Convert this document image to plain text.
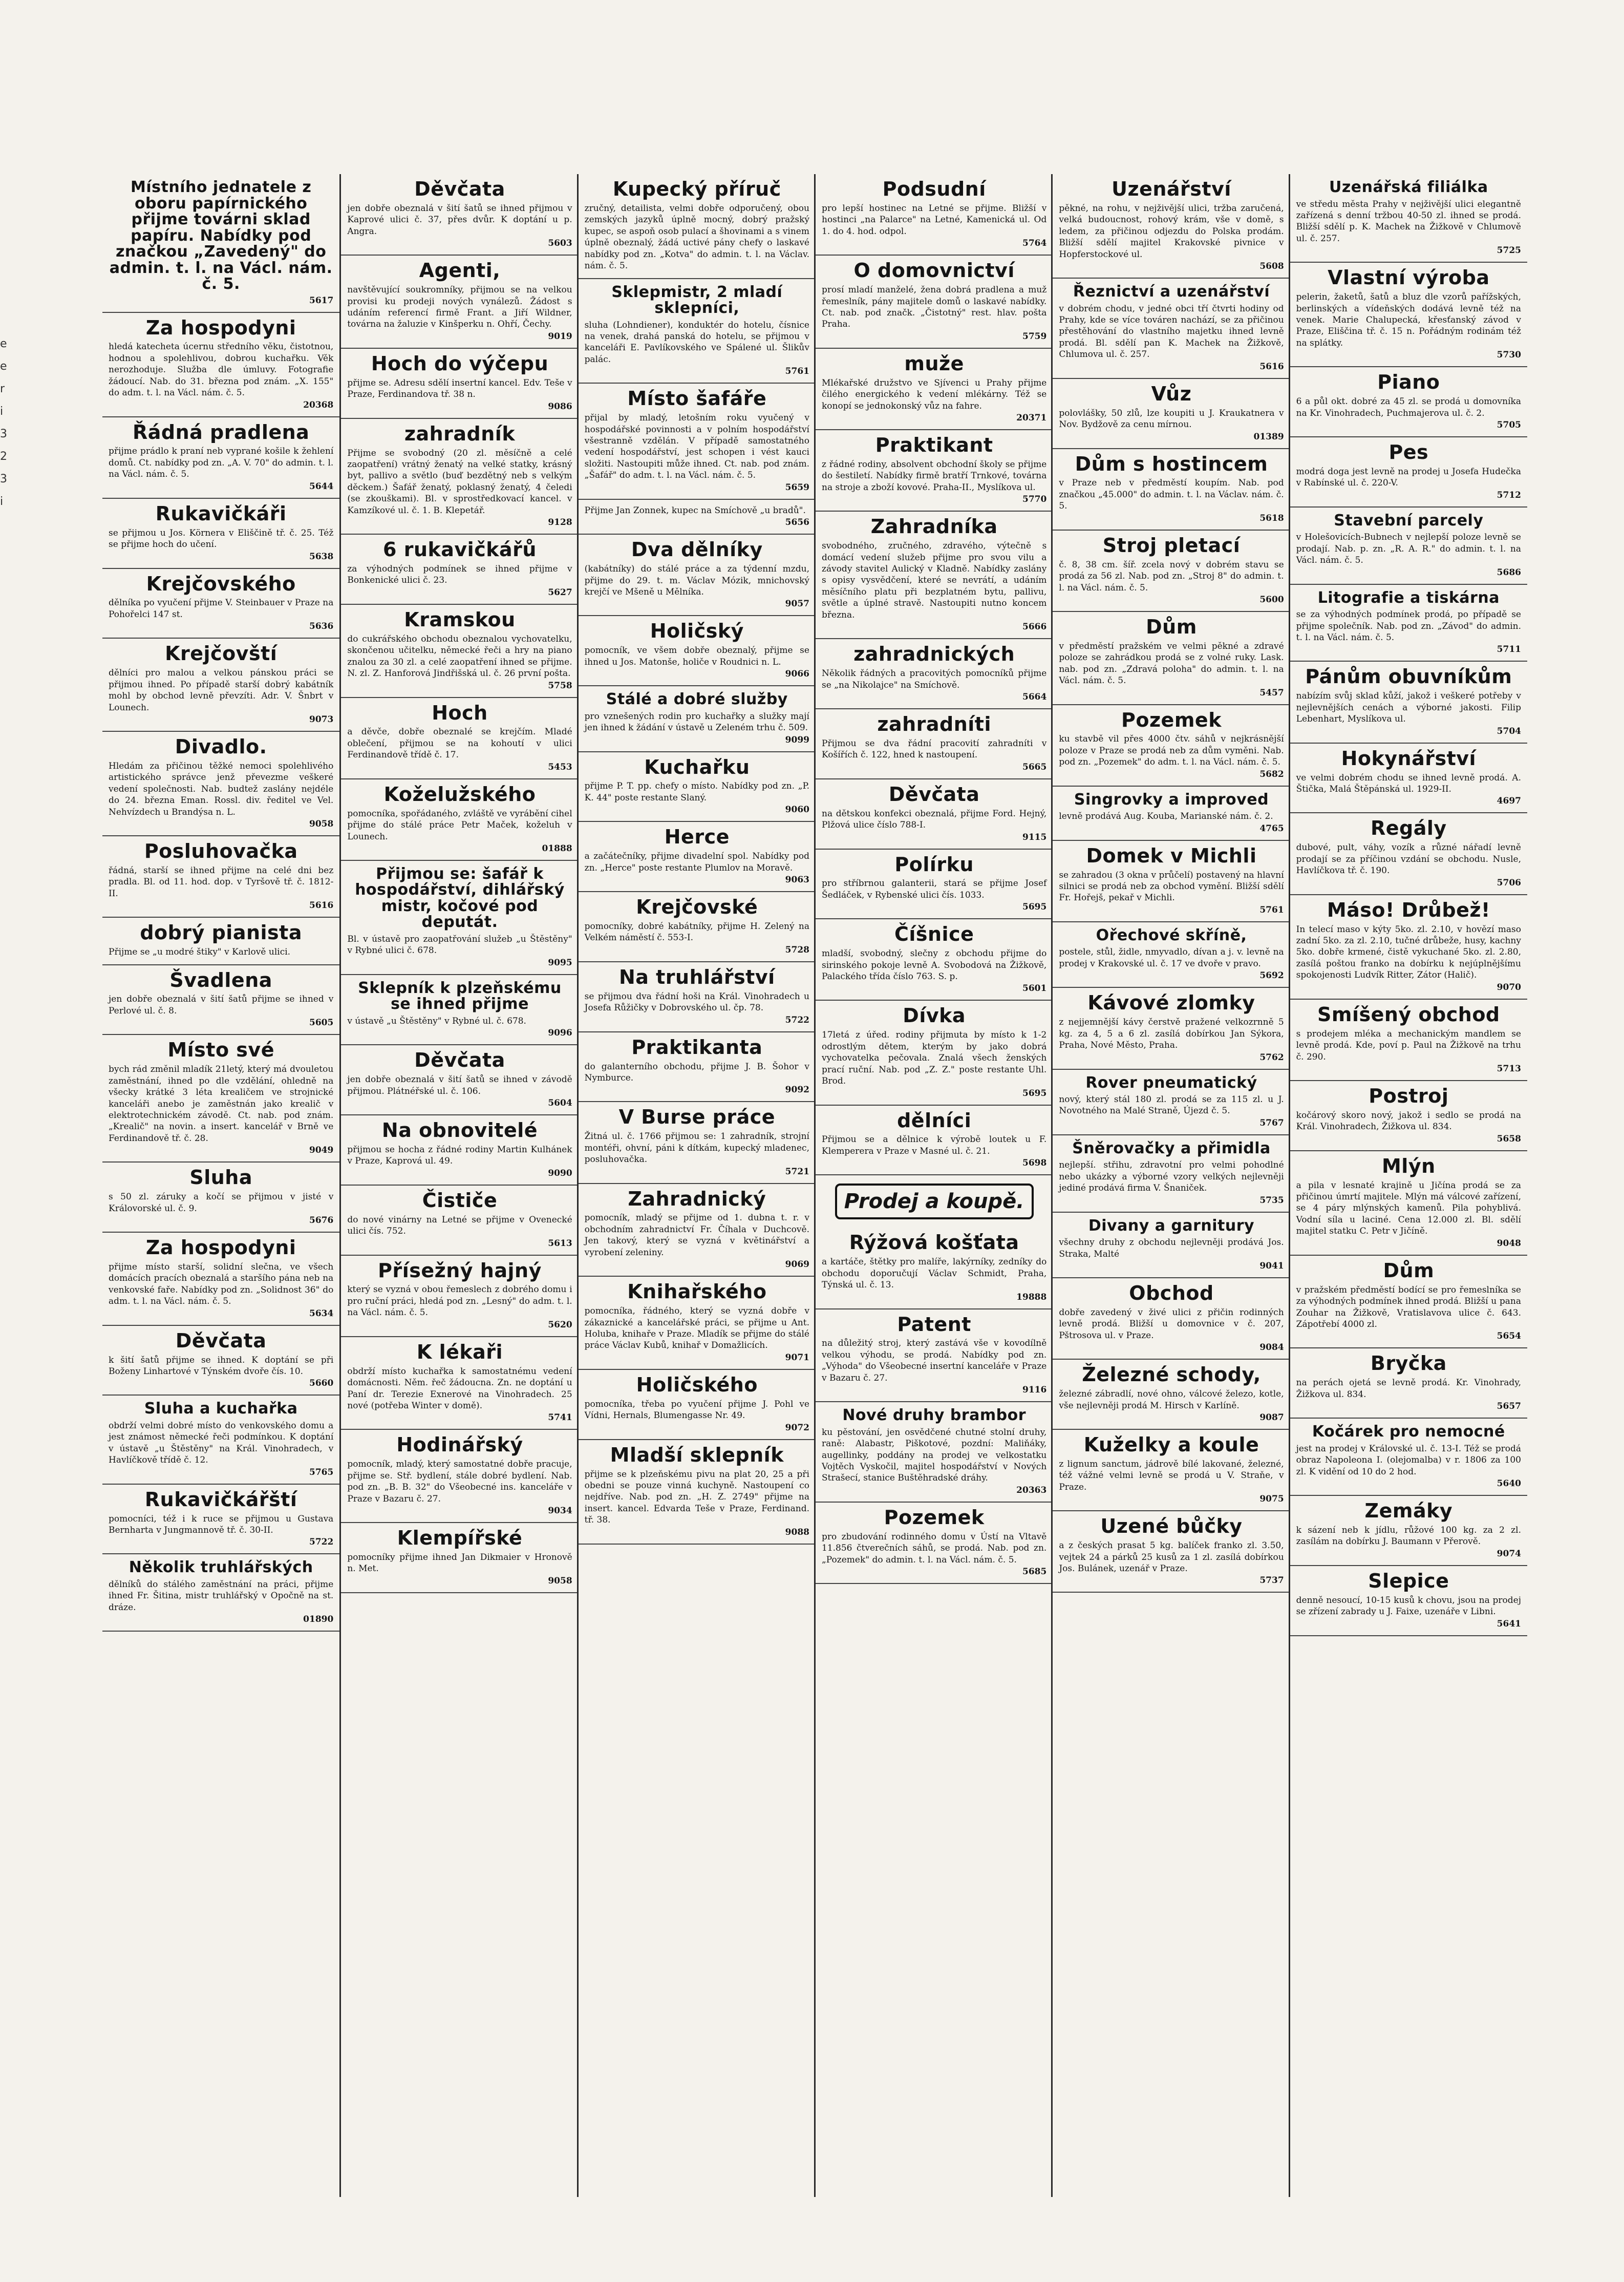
e
e
r
i
3
2
3
i
Místního jednatele z oboru papírnického přijme továrni sklad papíru. Nabídky pod značkou „Zavedený" do admin. t. l. na Václ. nám. č. 5.
5617
Za hospodyni

hledá katecheta úcernu středního věku, čistotnou, hodnou a spolehlivou, dobrou kuchařku. Věk nerozhoduje. Služba dle úmluvy. Fotografie žádoucí. Nab. do 31. března pod znám. „X. 155" do adm. t. l. na Václ. nám. č. 5.

20368
Řádná pradlena

přijme prádlo k praní neb vyprané košile k žehlení domů. Ct. nabídky pod zn. „A. V. 70" do admin. t. l. na Václ. nám. č. 5.

5644
Rukavičkáři

se přijmou u Jos. Körnera v Eliščině tř. č. 25. Též se přijme hoch do učení.

5638
Krejčovského

dělníka po vyučení přijme V. Steinbauer v Praze na Pohořelci 147 st.

5636
Krejčovští

dělníci pro malou a velkou pánskou práci se přijmou ihned. Po případě starší dobrý kabátník mohl by obchod levně převzíti. Adr. V. Šnbrt v Lounech.

9073
Divadlo.

Hledám za přičinou těžké nemoci spolehlivého artistického správce jenž převezme veškeré vedení společnosti. Nab. budtež zaslány nejdéle do 24. března Eman. Rossl. div. ředitel ve Vel. Nehvízdech u Brandýsa n. L.

9058
Posluhovačka

řádná, starší se ihned přijme na celé dni bez pradla. Bl. od 11. hod. dop. v Tyršově tř. č. 1812-II.

5616
dobrý pianista

Přijme se „u modré štiky" v Karlově ulici.

Švadlena

jen dobře obeznalá v šití šatů přijme se ihned v Perlové ul. č. 8.

5605
Místo své

bych rád změnil mladík 21letý, který má dvouletou zaměstnání, ihned po dle vzdělání, ohledně na všecky krátké 3 léta krealičem ve strojnické kanceláři anebo je zaměstnán jako krealič v elektrotechnickém závodě. Ct. nab. pod znám. „Krealič" na novin. a insert. kancelář v Brně ve Ferdinandově tř. č. 28.

9049
Sluha

s 50 zl. záruky a kočí se přijmou v jisté v Královorské ul. č. 9.

5676
Za hospodyni

přijme místo starší, solidní slečna, ve všech domácích pracích obeznalá a staršího pána neb na venkovské faře. Nabídky pod zn. „Solidnost 36" do adm. t. l. na Václ. nám. č. 5.

5634
Děvčata

k šití šatů přijme se ihned. K doptání se při Boženy Linhartové v Týnském dvoře čís. 10.

5660
Sluha a kuchařka

obdrží velmi dobré místo do venkovského domu a jest známost německé řeči podmínkou. K doptání v ústavě „u Štěstěny" na Král. Vinohradech, v Havlíčkově třídě č. 12.

5765
Rukavičkářští

pomocníci, též i k ruce se přijmou u Gustava Bernharta v Jungmannově tř. č. 30-II.

5722
Několik truhlářských

dělníků do stálého zaměstnání na práci, přijme ihned Fr. Šitina, mistr truhlářský v Opočně na st. dráze.

01890
Děvčata

jen dobře obeznalá v šití šatů se ihned přijmou v Kaprové ulici č. 37, přes dvůr. K doptání u p. Angra.

5603
Agenti,

navštěvující soukromníky, přijmou se na velkou provisi ku prodeji nových vynálezů. Žádost s udáním referencí firmě Frant. a Jiří Wildner, továrna na žaluzie v Kinšperku n. Ohří, Čechy.

9019
Hoch do výčepu

přijme se. Adresu sdělí insertní kancel. Edv. Teše v Praze, Ferdinandova tř. 38 n.

9086
zahradník

Přijme se svobodný (20 zl. měsíčně a celé zaopatření) vrátný ženatý na velké statky, krásný byt, pallivo a světlo (buď bezdětný neb s velkým děckem.) Šafář ženatý, poklasný ženatý, 4 čeledi (se zkouškami). Bl. v sprostředkovací kancel. v Kamzíkové ul. č. 1. B. Klepetář.

9128
6 rukavičkářů

za výhodných podmínek se ihned přijme v Bonkenické ulici č. 23.

5627
Kramskou

do cukrářského obchodu obeznalou vychovatelku, skončenou učitelku, německé řeči a hry na piano znalou za 30 zl. a celé zaopatření ihned se přijme. N. zl. Z. Hanforová Jindřišská ul. č. 26 první pošta.

5758
Hoch

a děvče, dobře obeznalé se krejčím. Mladé oblečení, přijmou se na kohoutí v ulici Ferdinandově třídě č. 17.

5453
Koželužského

pomocníka, spořádaného, zvláště ve vyrábění cihel přijme do stálé práce Petr Maček, koželuh v Lounech.

01888
Přijmou se: šafář k hospodářství, dihlářský mistr, kočové pod deputát.

Bl. v ústavě pro zaopatřování služeb „u Štěstěny" v Rybné ulici č. 678.

9095
Sklepník k plzeňskému se ihned přijme

v ústavě „u Štěstěny" v Rybné ul. č. 678.

9096
Děvčata

jen dobře obeznalá v šití šatů se ihned v závodě přijmou. Plátnéřské ul. č. 106.

5604
Na obnovitelé

přijmou se hocha z řádné rodiny Martin Kulhánek v Praze, Kaprová ul. 49.

9090
Čističe

do nové vinárny na Letné se přijme v Ovenecké ulici čís. 752.

5613
Přísežný hajný

který se vyzná v obou řemeslech z dobrého domu i pro ruční práci, hledá pod zn. „Lesný" do adm. t. l. na Václ. nám. č. 5.

5620
K lékaři

obdrží místo kuchařka k samostatnému vedení domácnosti. Něm. řeč žádoucna. Zn. ne doptání u Paní dr. Terezie Exnerové na Vinohradech. 25 nové (potřeba Winter v domě).

5741
Hodinářský

pomocník, mladý, který samostatné dobře pracuje, přijme se. Stř. bydlení, stále dobré bydlení. Nab. pod zn. „B. B. 32" do Všeobecné ins. kanceláře v Praze v Bazaru č. 27.

9034
Klempířské

pomocníky přijme ihned Jan Dikmaier v Hronově n. Met.

9058
Kupecký příruč

zručný, detailista, velmi dobře odporučený, obou zemských jazyků úplně mocný, dobrý pražský kupec, se aspoň osob pulací a šhovinami a s vinem úplně obeznalý, žádá uctivé pány chefy o laskavé nabídky pod zn. „Kotva" do admin. t. l. na Václav. nám. č. 5.

Sklepmistr, 2 mladí sklepníci,

sluha (Lohndiener), konduktér do hotelu, čísnice na venek, drahá panská do hotelu, se přijmou v kanceláři E. Pavlíkovského ve Spálené ul. Šlikův palác.

5761
Místo šafáře

přijal by mladý, letošním roku vyučený v hospodářské povinnosti a v polním hospodářství všestranně vzdělán. V případě samostatného vedení hospodářství, jest schopen i vést kauci složiti. Nastoupiti může ihned. Ct. nab. pod znám. „Šafář" do adm. t. l. na Václ. nám. č. 5.

5659

Přijme Jan Zonnek, kupec na Smíchově „u bradů".

5656
Dva dělníky

(kabátníky) do stálé práce a za týdenní mzdu, přijme do 29. t. m. Václav Mózik, mnichovský krejčí ve Mšeně u Mělníka.

9057
Holičský

pomocník, ve všem dobře obeznalý, přijme se ihned u Jos. Matonše, holiče v Roudnici n. L.

9066
Stálé a dobré služby

pro vznešených rodin pro kuchařky a služky mají jen ihned k žádání v ústavě u Zeleném trhu č. 509.

9099
Kuchařku

přijme P. T. pp. chefy o místo. Nabídky pod zn. „P. K. 44" poste restante Slaný.

9060
Herce

a začátečníky, přijme divadelní spol. Nabídky pod zn. „Herce" poste restante Plumlov na Moravě.

9063
Krejčovské

pomocníky, dobré kabátníky, přijme H. Zelený na Velkém náměstí č. 553-I.

5728
Na truhlářství

se přijmou dva řádní hoši na Král. Vinohradech u Josefa Růžičky v Dobrovského ul. čp. 78.

5722
Praktikanta

do galanterního obchodu, přijme J. B. Šohor v Nymburce.

9092
V Burse práce

Žitná ul. č. 1766 přijmou se: 1 zahradník, strojní montéři, ohvní, páni k dítkám, kupecký mladenec, posluhovačka.

5721
Zahradnický

pomocník, mladý se přijme od 1. dubna t. r. v obchodním zahradnictví Fr. Číhala v Duchcově. Jen takový, který se vyzná v květinářství a vyrobení zeleniny.

9069
Knihařského

pomocníka, řádného, který se vyzná dobře v zákaznické a kancelářské práci, se přijme u Ant. Holuba, knihaře v Praze. Mladík se přijme do stálé práce Václav Kubů, knihař v Domažlicích.

9071
Holičského

pomocníka, třeba po vyučení přijme J. Pohl ve Vídni, Hernals, Blumengasse Nr. 49.

9072
Mladší sklepník

přijme se k plzeňskému pivu na plat 20, 25 a při obedni se pouze vinná kuchyně. Nastoupení co nejdříve. Nab. pod zn. „H. Z. 2749" přijme na insert. kancel. Edvarda Teše v Praze, Ferdinand. tř. 38.

9088
Podsudní

pro lepší hostinec na Letné se přijme. Bližší v hostinci „na Palarce" na Letné, Kamenická ul. Od 1. do 4. hod. odpol.

5764
O domovnictví

prosí mladí manželé, žena dobrá pradlena a muž řemeslník, pány majitele domů o laskavé nabídky. Ct. nab. pod značk. „Čistotný" rest. hlav. pošta Praha.

5759
muže

Mlékařské družstvo ve Sjívenci u Prahy přijme čilého energického k vedení mlékárny. Též se konopí se jednokonský vůz na fahre.

20371
Praktikant

z řádné rodiny, absolvent obchodní školy se přijme do šestiletí. Nabídky firmě bratří Trnkové, továrna na stroje a zboží kovové. Praha-II., Myslíkova ul.

5770
Zahradníka

svobodného, zručného, zdravého, výtečně s domácí vedení služeb přijme pro svou vilu a závody stavitel Aulický v Kladně. Nabídky zaslány s opisy vysvědčení, které se nevrátí, a udáním měsíčního platu při bezplatném bytu, pallivu, světle a úplné stravě. Nastoupiti nutno koncem března.

5666
zahradnických

Několik řádných a pracovitých pomocníků přijme se „na Nikolajce" na Smíchově.

5664
zahradníti

Přijmou se dva řádní pracovití zahradníti v Košířích č. 122, hned k nastoupení.

5665
Děvčata

na dětskou konfekci obeznalá, přijme Ford. Hejný, Plžová ulice číslo 788-I.

9115
Polírku

pro stříbrnou galanterii, stará se přijme Josef Šedláček, v Rybenské ulici čís. 1033.

5695
Číšnice

mladší, svobodný, slečny z obchodu přijme do sirinského pokoje levně A. Svobodová na Žižkově, Palackého třída číslo 763. S. p.

5601
Dívka

17letá z úřed. rodiny přijmuta by místo k 1-2 odrostlým dětem, kterým by jako dobrá vychovatelka pečovala. Znalá všech ženských prací ruční. Nab. pod „Z. Z." poste restante Uhl. Brod.

5695
dělníci

Přijmou se a dělnice k výrobě loutek u F. Klemperera v Praze v Masné ul. č. 21.

5698
Prodej a koupě.
Rýžová košťata

a kartáče, štětky pro malíře, lakýrníky, zedníky do obchodu doporučují Václav Schmidt, Praha, Týnská ul. č. 13.

19888
Patent

na důležitý stroj, který zastává vše v kovodílně velkou výhodu, se prodá. Nabídky pod zn. „Výhoda" do Všeobecné insertní kanceláře v Praze v Bazaru č. 27.

9116
Nové druhy brambor

ku pěstování, jen osvědčené chutné stolní druhy, raně: Alabastr, Piškotové, pozdní: Maliňáky, augellinky, poddány na prodej ve velkostatku Vojtěch Vyskočil, majitel hospodářství v Nových Strašecí, stanice Buštěhradské dráhy.

20363
Pozemek

pro zbudování rodinného domu v Ústí na Vltavě 11.856 čtverečních sáhů, se prodá. Nab. pod zn. „Pozemek" do admin. t. l. na Václ. nám. č. 5.

5685
Uzenářství

pěkné, na rohu, v nejživější ulici, tržba zaručená, velká budoucnost, rohový krám, vše v domě, s ledem, za přičinou odjezdu do Polska prodám. Bližší sdělí majitel Krakovské pivnice v Hopferstockové ul.

5608
Řeznictví a uzenářství

v dobrém chodu, v jedné obci tří čtvrti hodiny od Prahy, kde se více továren nachází, se za přičinou přestěhování do vlastního majetku ihned levně prodá. Bl. sdělí pan K. Machek na Žižkově, Chlumova ul. č. 257.

5616
Vůz

polovlášky, 50 zlů, lze koupiti u J. Kraukatnera v Nov. Bydžově za cenu mírnou.

01389
Dům s hostincem

v Praze neb v předměstí koupím. Nab. pod značkou „45.000" do admin. t. l. na Václav. nám. č. 5.

5618
Stroj pletací

č. 8, 38 cm. šíř. zcela nový v dobrém stavu se prodá za 56 zl. Nab. pod zn. „Stroj 8" do admin. t. l. na Václ. nám. č. 5.

5600
Dům

v předměstí pražském ve velmi pěkné a zdravé poloze se zahrádkou prodá se z volné ruky. Lask. nab. pod zn. „Zdravá poloha" do admin. t. l. na Václ. nám. č. 5.

5457
Pozemek

ku stavbě vil přes 4000 čtv. sáhů v nejkrásnější poloze v Praze se prodá neb za dům vyměni. Nab. pod zn. „Pozemek" do adm. t. l. na Václ. nám. č. 5.

5682
Singrovky a improved

levně prodává Aug. Kouba, Marianské nám. č. 2.

4765
Domek v Michli

se zahradou (3 okna v průčelí) postavený na hlavní silnici se prodá neb za obchod vymění. Bližší sdělí Fr. Hořejš, pekař v Michli.

5761
Ořechové skříně,

postele, stůl, židle, nmyvadlo, dívan a j. v. levně na prodej v Krakovské ul. č. 17 ve dvoře v pravo.

5692
Kávové zlomky

z nejjemnější kávy čerstvě pražené velkozrnně 5 kg. za 4, 5 a 6 zl. zasílá dobírkou Jan Sýkora, Praha, Nové Město, Praha.

5762
Rover pneumatický

nový, který stál 180 zl. prodá se za 115 zl. u J. Novotného na Malé Straně, Újezd č. 5.

5767
Šněrovačky a přimidla

nejlepší. střihu, zdravotní pro velmi pohodlné nebo ukázky a výborné vzory velkých nejlevněji jediné prodává firma V. Šnaniček.

5735
Divany a garnitury

všechny druhy z obchodu nejlevněji prodává Jos. Straka, Malté

9041
Obchod

dobře zavedený v živé ulici z přičin rodinných levně prodá. Bližší u domovnice v č. 207, Pštrosova ul. v Praze.

9084
Železné schody,

železné zábradlí, nové ohno, válcové železo, kotle, vše nejlevněji prodá M. Hirsch v Karlíně.

9087
Kuželky a koule

z lignum sanctum, jádrově bílé lakované, železné, též vážné velmi levně se prodá u V. Straňe, v Praze.

9075
Uzené bůčky

a z českých prasat 5 kg. balíček franko zl. 3.50, vejtek 24 a párků 25 kusů za 1 zl. zasílá dobírkou Jos. Bulánek, uzenář v Praze.

5737
Uzenářská filiálka

ve středu města Prahy v nejživější ulici elegantně zařízená s denní tržbou 40-50 zl. ihned se prodá. Bližší sdělí p. K. Machek na Žižkově v Chlumově ul. č. 257.

5725
Vlastní výroba

pelerin, žaketů, šatů a bluz dle vzorů pařížských, berlinských a vídeňských dodává levně též na venek. Marie Chalupecká, křesťanský závod v Praze, Eliščina tř. č. 15 n. Pořádným rodinám též na splátky.

5730
Piano

6 a půl okt. dobré za 45 zl. se prodá u domovníka na Kr. Vinohradech, Puchmajerova ul. č. 2.

5705
Pes

modrá doga jest levně na prodej u Josefa Hudečka v Rabínské ul. č. 220-V.

5712
Stavební parcely

v Holešovicích-Bubnech v nejlepší poloze levně se prodají. Nab. p. zn. „R. A. R." do admin. t. l. na Václ. nám. č. 5.

5686
Litografie a tiskárna

se za výhodných podmínek prodá, po případě se přijme společník. Nab. pod zn. „Závod" do admin. t. l. na Václ. nám. č. 5.

5711
Pánům obuvníkům

nabízím svůj sklad kůží, jakož i veškeré potřeby v nejlevnějších cenách a výborné jakosti. Filip Lebenhart, Myslíkova ul.

5704
Hokynářství

ve velmi dobrém chodu se ihned levně prodá. A. Štička, Malá Štěpánská ul. 1929-II.

4697
Regály

dubové, pult, váhy, vozík a různé nářadí levně prodají se za příčinou vzdání se obchodu. Nusle, Havlíčkova tř. č. 190.

5706
Máso! Drůbež!

In telecí maso v kýty 5ko. zl. 2.10, v hovězí maso zadní 5ko. za zl. 2.10, tučné drůbeže, husy, kachny 5ko. dobře krmené, čistě vykuchané 5ko. zl. 2.80, zasílá poštou franko na dobírku k nejúplnějšímu spokojenosti Ludvík Ritter, Zátor (Halič).

9070
Smíšený obchod

s prodejem mléka a mechanickým mandlem se levně prodá. Kde, poví p. Paul na Žižkově na trhu č. 290.

5713
Postroj

kočárový skoro nový, jakož i sedlo se prodá na Král. Vinohradech, Žižkova ul. 834.

5658
Mlýn

a pila v lesnaté krajině u Jičína prodá se za přičinou úmrtí majitele. Mlýn má válcové zařízení, se 4 páry mlýnských kamenů. Pila pohyblivá. Vodní síla u laciné. Cena 12.000 zl. Bl. sdělí majitel statku C. Petr v Jičíně.

9048
Dům

v pražském předměstí bodící se pro řemeslníka se za výhodných podmínek ihned prodá. Bližší u pana Zouhar na Žižkově, Vratislavova ulice č. 643. Zápotřebí 4000 zl.

5654
Bryčka

na perách ojetá se levně prodá. Kr. Vinohrady, Žižkova ul. 834.

5657
Kočárek pro nemocné

jest na prodej v Královské ul. č. 13-I. Též se prodá obraz Napoleona I. (olejomalba) v r. 1806 za 100 zl. K vidění od 10 do 2 hod.

5640
Zemáky

k sázení neb k jídlu, růžové 100 kg. za 2 zl. zasílám na dobírku J. Baumann v Přerově.

9074
Slepice

denně nesoucí, 10-15 kusů k chovu, jsou na prodej se zřízení zabrady u J. Faixe, uzenáře v Libni.

5641
